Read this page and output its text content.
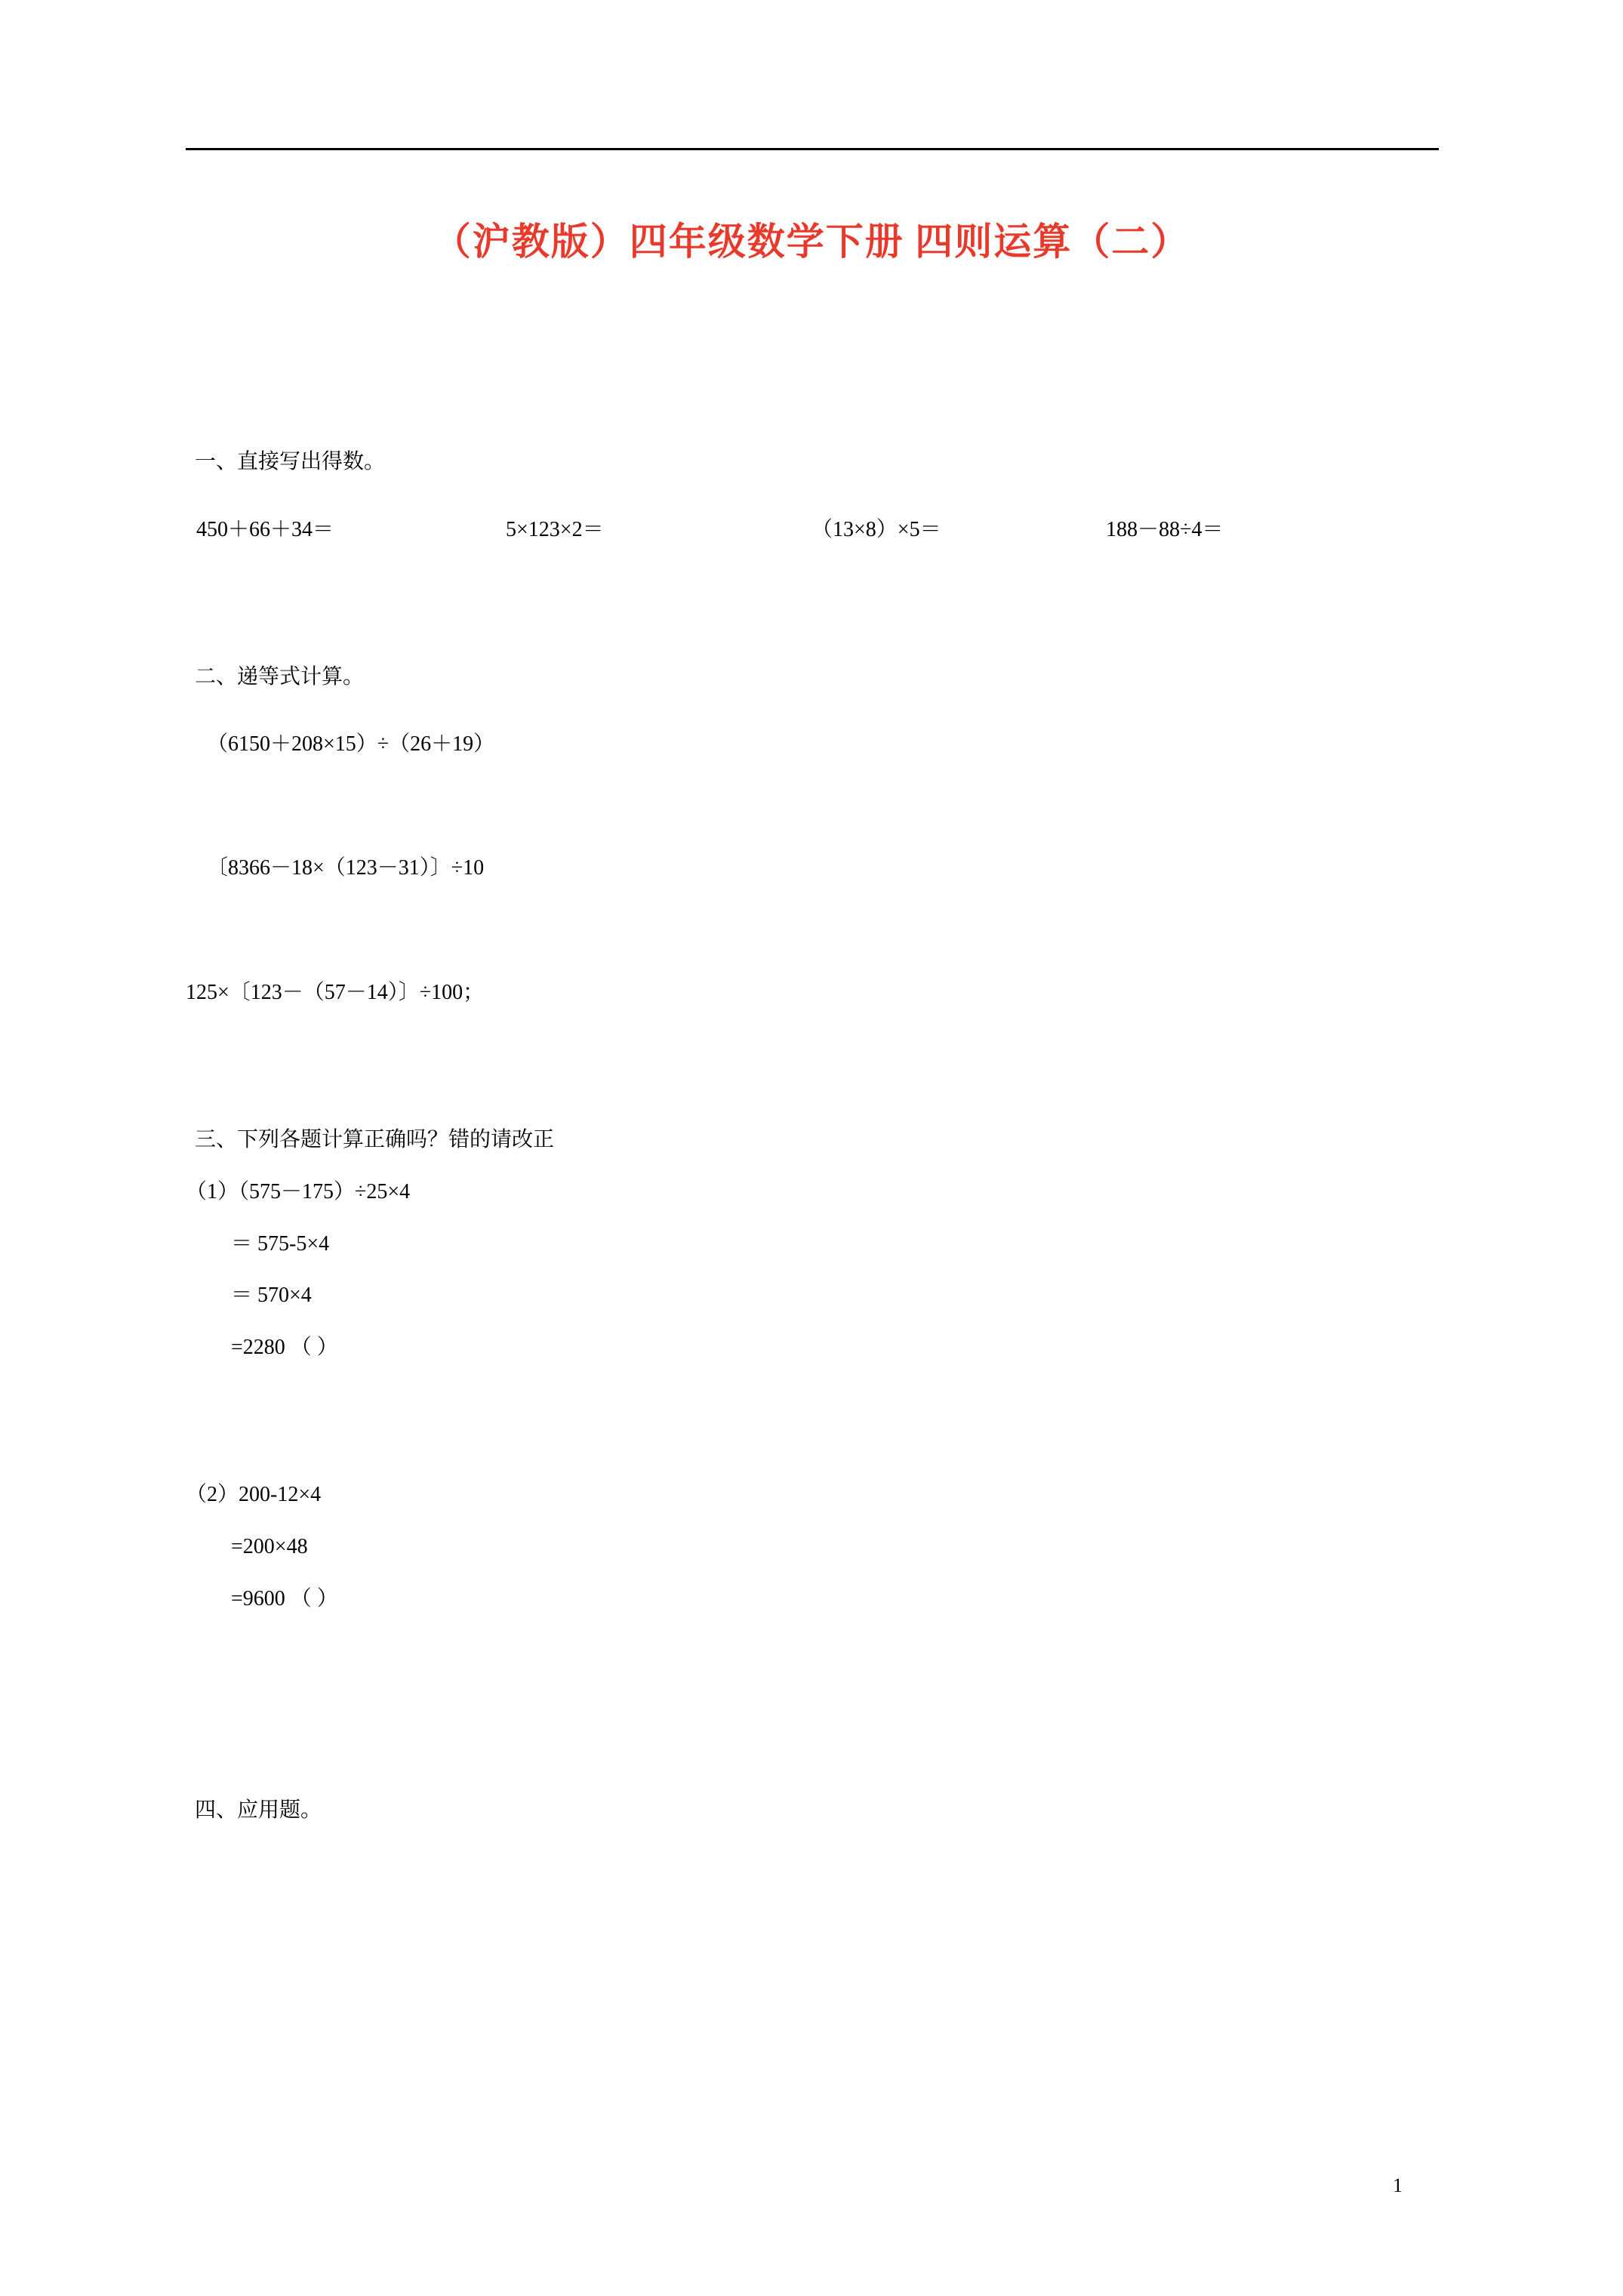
（沪教版）四年级数学下册 四则运算（二）

一、直接写出得数。

450＋66＋34＝	5×123×2＝	（13×8）×5＝	188－88÷4＝

二、递等式计算。

（6150＋208×15）÷（26＋19）

〔8366－18×（123－31）〕÷10

125×〔123－（57－14）〕÷100；

三、下列各题计算正确吗？错的请改正

（1）（575－175）÷25×4

＝ 575-5×4

＝ 570×4

=2280 （ ）

（2）200-12×4

=200×48

=9600 （ ）

四、应用题。

1
